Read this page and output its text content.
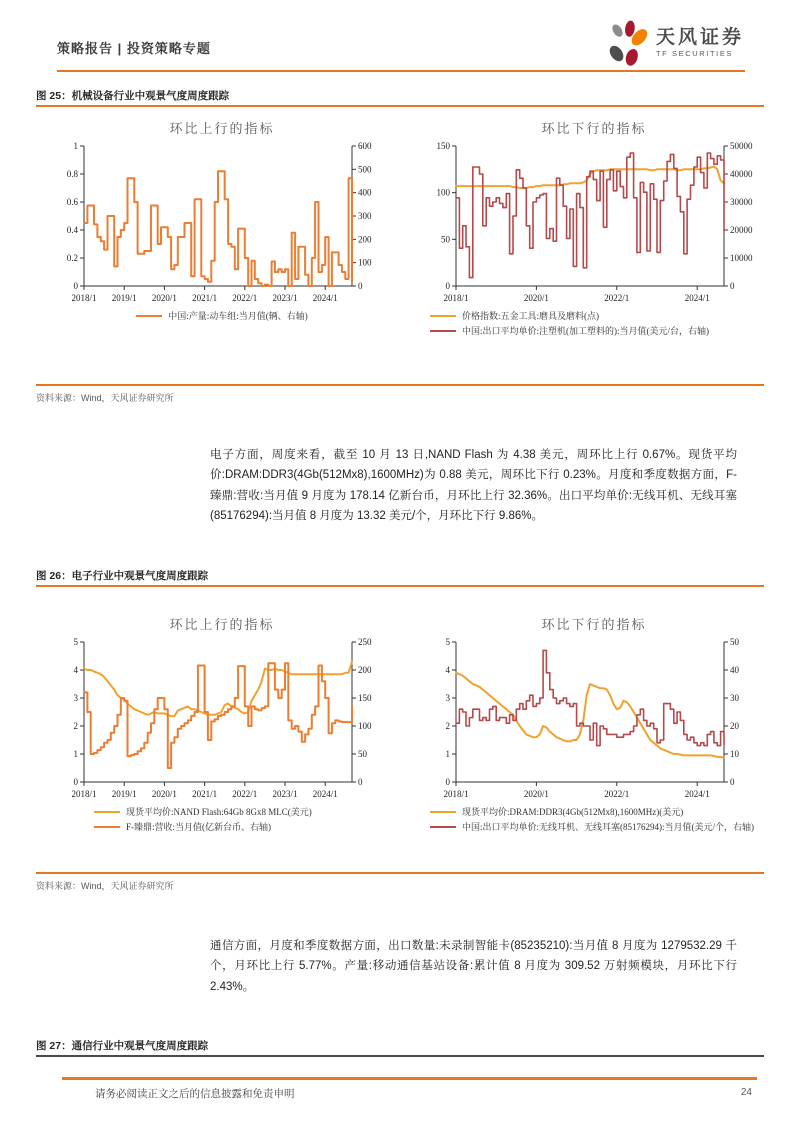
策略报告 | 投资策略专题
天风证券
TF SECURITIES
图 25：机械设备行业中观景气度周度跟踪
环比上行的指标
0
0.2
0.4
0.6
0.8
1
0
100
200
300
400
500
600
2018/1 2019/1 2020/1 2021/1 2022/1 2023/1 2024/1
中国:产量:动车组:当月值(辆、右轴)
环比下行的指标
0
50
100
150
0
10000
20000
30000
40000
50000
2018/1	2020/1	2022/1	2024/1
价格指数:五金工具:磨具及磨料(点)
中国:出口平均单价:注塑机(加工塑料的):当月值(美元/台，右轴)
资料来源：Wind，天风证券研究所
电子方面，周度来看，截至 10 月 13 日,NAND Flash 为 4.38 美元，周环比上行 0.67%。现货平均价:DRAM:DDR3(4Gb(512Mx8),1600MHz)为 0.88 美元，周环比下行 0.23%。月度和季度数据方面，F-臻鼎:营收:当月值 9 月度为 178.14 亿新台币，月环比上行 32.36%。出口平均单价:无线耳机、无线耳塞(85176294):当月值 8 月度为 13.32 美元/个，月环比下行 9.86%。
图 26：电子行业中观景气度周度跟踪
环比上行的指标
0
1
2
3
4
5
0
50
100
150
200
250
2018/1 2019/1 2020/1 2021/1 2022/1 2023/1 2024/1
现货平均价:NAND Flash:64Gb 8Gx8 MLC(美元)
F-臻鼎:营收:当月值(亿新台币、右轴)
环比下行的指标
0
1
2
3
4
5
0
10
20
30
40
50
2018/1	2020/1	2022/1	2024/1
现货平均价:DRAM:DDR3(4Gb(512Mx8),1600MHz)(美元)
中国:出口平均单价:无线耳机、无线耳塞(85176294):当月值(美元/个，右轴)
资料来源：Wind，天风证券研究所
通信方面，月度和季度数据方面，出口数量:未录制智能卡(85235210):当月值 8 月度为 1279532.29 千个，月环比上行 5.77%。产量:移动通信基站设备:累计值 8 月度为 309.52 万射频模块，月环比下行 2.43%。
图 27：通信行业中观景气度周度跟踪
请务必阅读正文之后的信息披露和免责申明	24
